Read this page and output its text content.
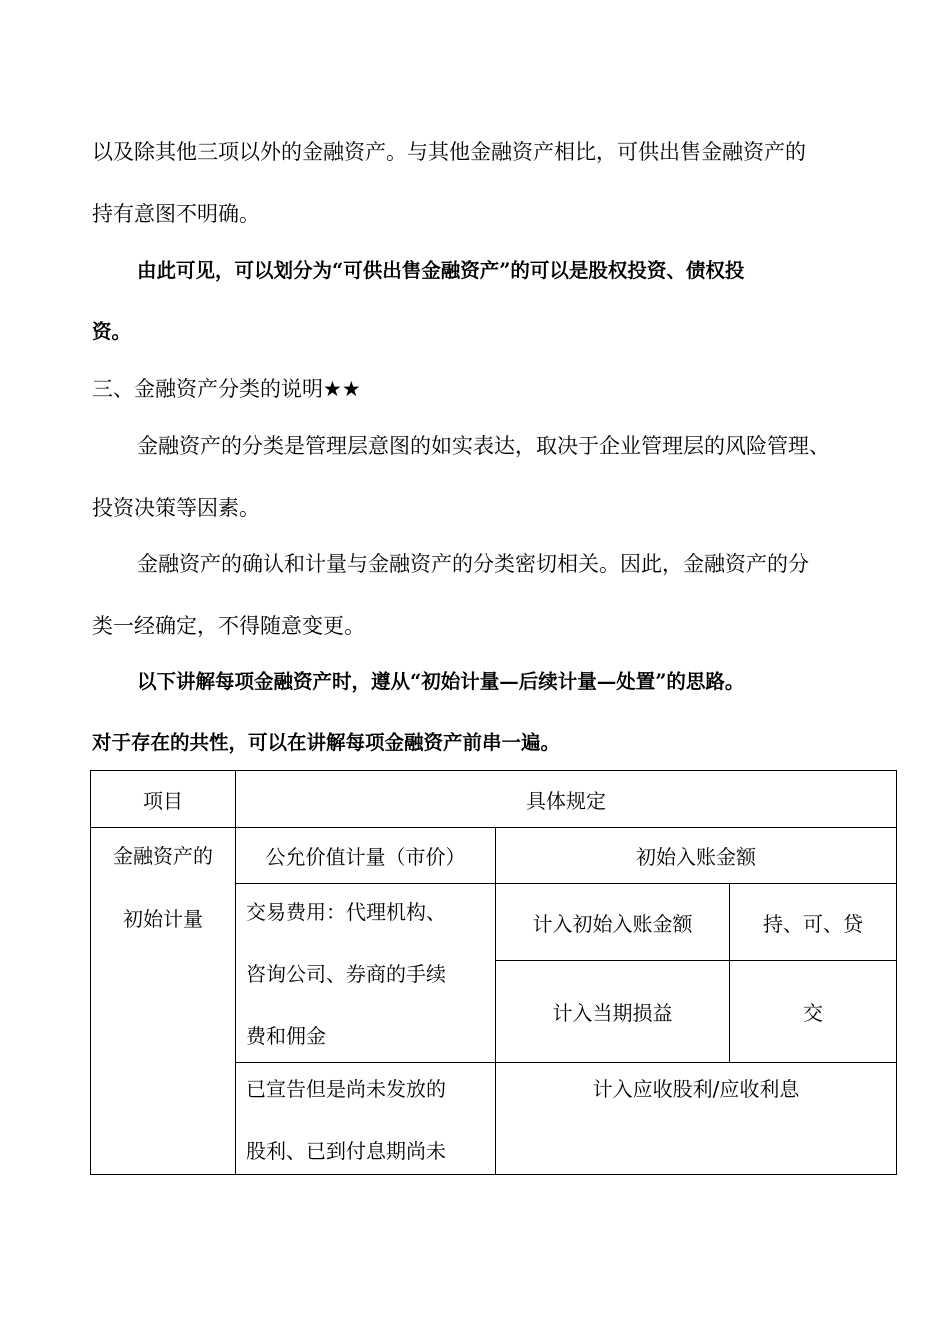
以及除其他三项以外的金融资产。与其他金融资产相比，可供出售金融资产的
持有意图不明确。
由此可见，可以划分为“可供出售金融资产”的可以是股权投资、债权投
资。
三、金融资产分类的说明★★
金融资产的分类是管理层意图的如实表达，取决于企业管理层的风险管理、
投资决策等因素。
金融资产的确认和计量与金融资产的分类密切相关。因此，金融资产的分
类一经确定，不得随意变更。
以下讲解每项金融资产时，遵从“初始计量—后续计量—处置”的思路。
对于存在的共性，可以在讲解每项金融资产前串一遍。
项目	具体规定		

金融资产的
初始计量	公允价值计量（市价）	初始入账金额	

	交易费用：代理机构、
咨询公司、券商的手续
费和佣金	计入初始入账金额	持、可、贷
		计入当期损益	交

	已宣告但是尚未发放的
股利、已到付息期尚未	计入应收股利/应收利息	
